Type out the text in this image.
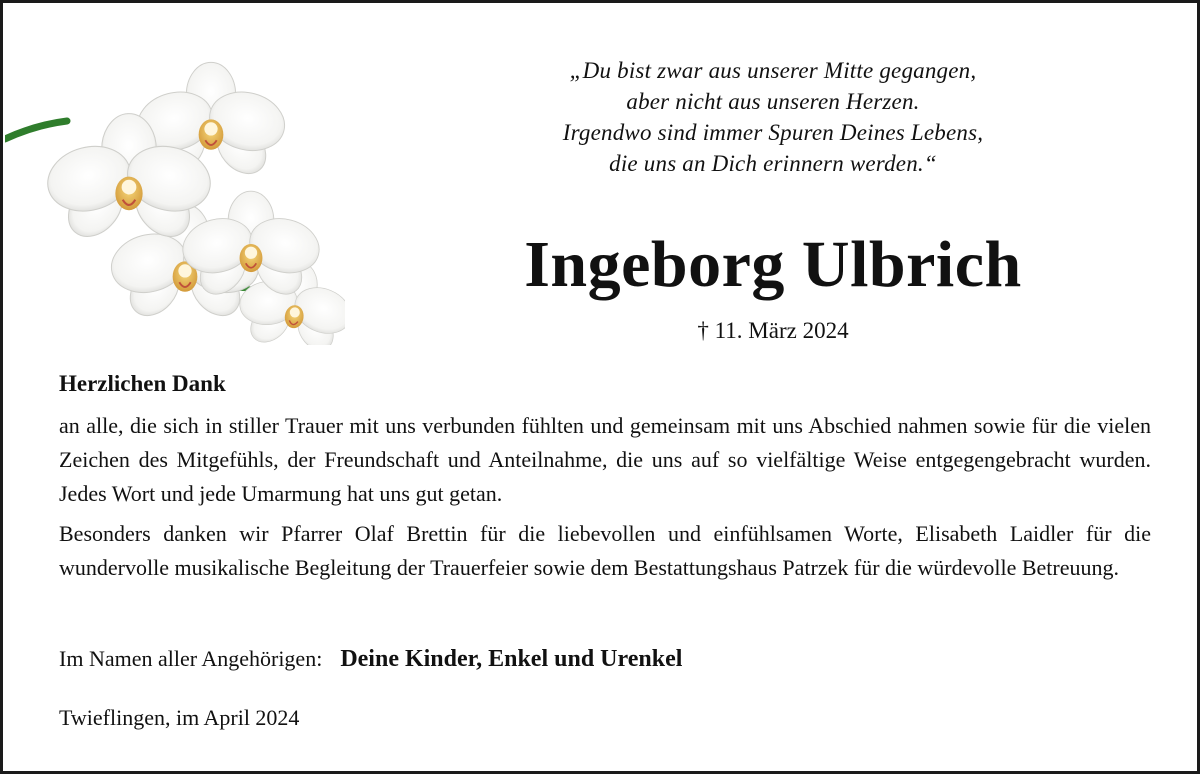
„Du bist zwar aus unserer Mitte gegangen,
aber nicht aus unseren Herzen.
Irgendwo sind immer Spuren Deines Lebens,
die uns an Dich erinnern werden.“
Ingeborg Ulbrich
† 11. März 2024
Herzlichen Dank
an alle, die sich in stiller Trauer mit uns verbunden fühlten und gemeinsam mit uns Abschied nahmen sowie für die vielen Zeichen des Mitgefühls, der Freundschaft und Anteilnahme, die uns auf so vielfältige Weise entgegengebracht wurden. Jedes Wort und jede Umarmung hat uns gut getan.
Besonders danken wir Pfarrer Olaf Brettin für die liebevollen und einfühlsamen Worte, Elisabeth Laidler für die wundervolle musikalische Begleitung der Trauerfeier sowie dem Bestattungshaus Patrzek für die würdevolle Betreuung.
Im Namen aller Angehörigen: Deine Kinder, Enkel und Urenkel
Twieflingen, im April 2024
